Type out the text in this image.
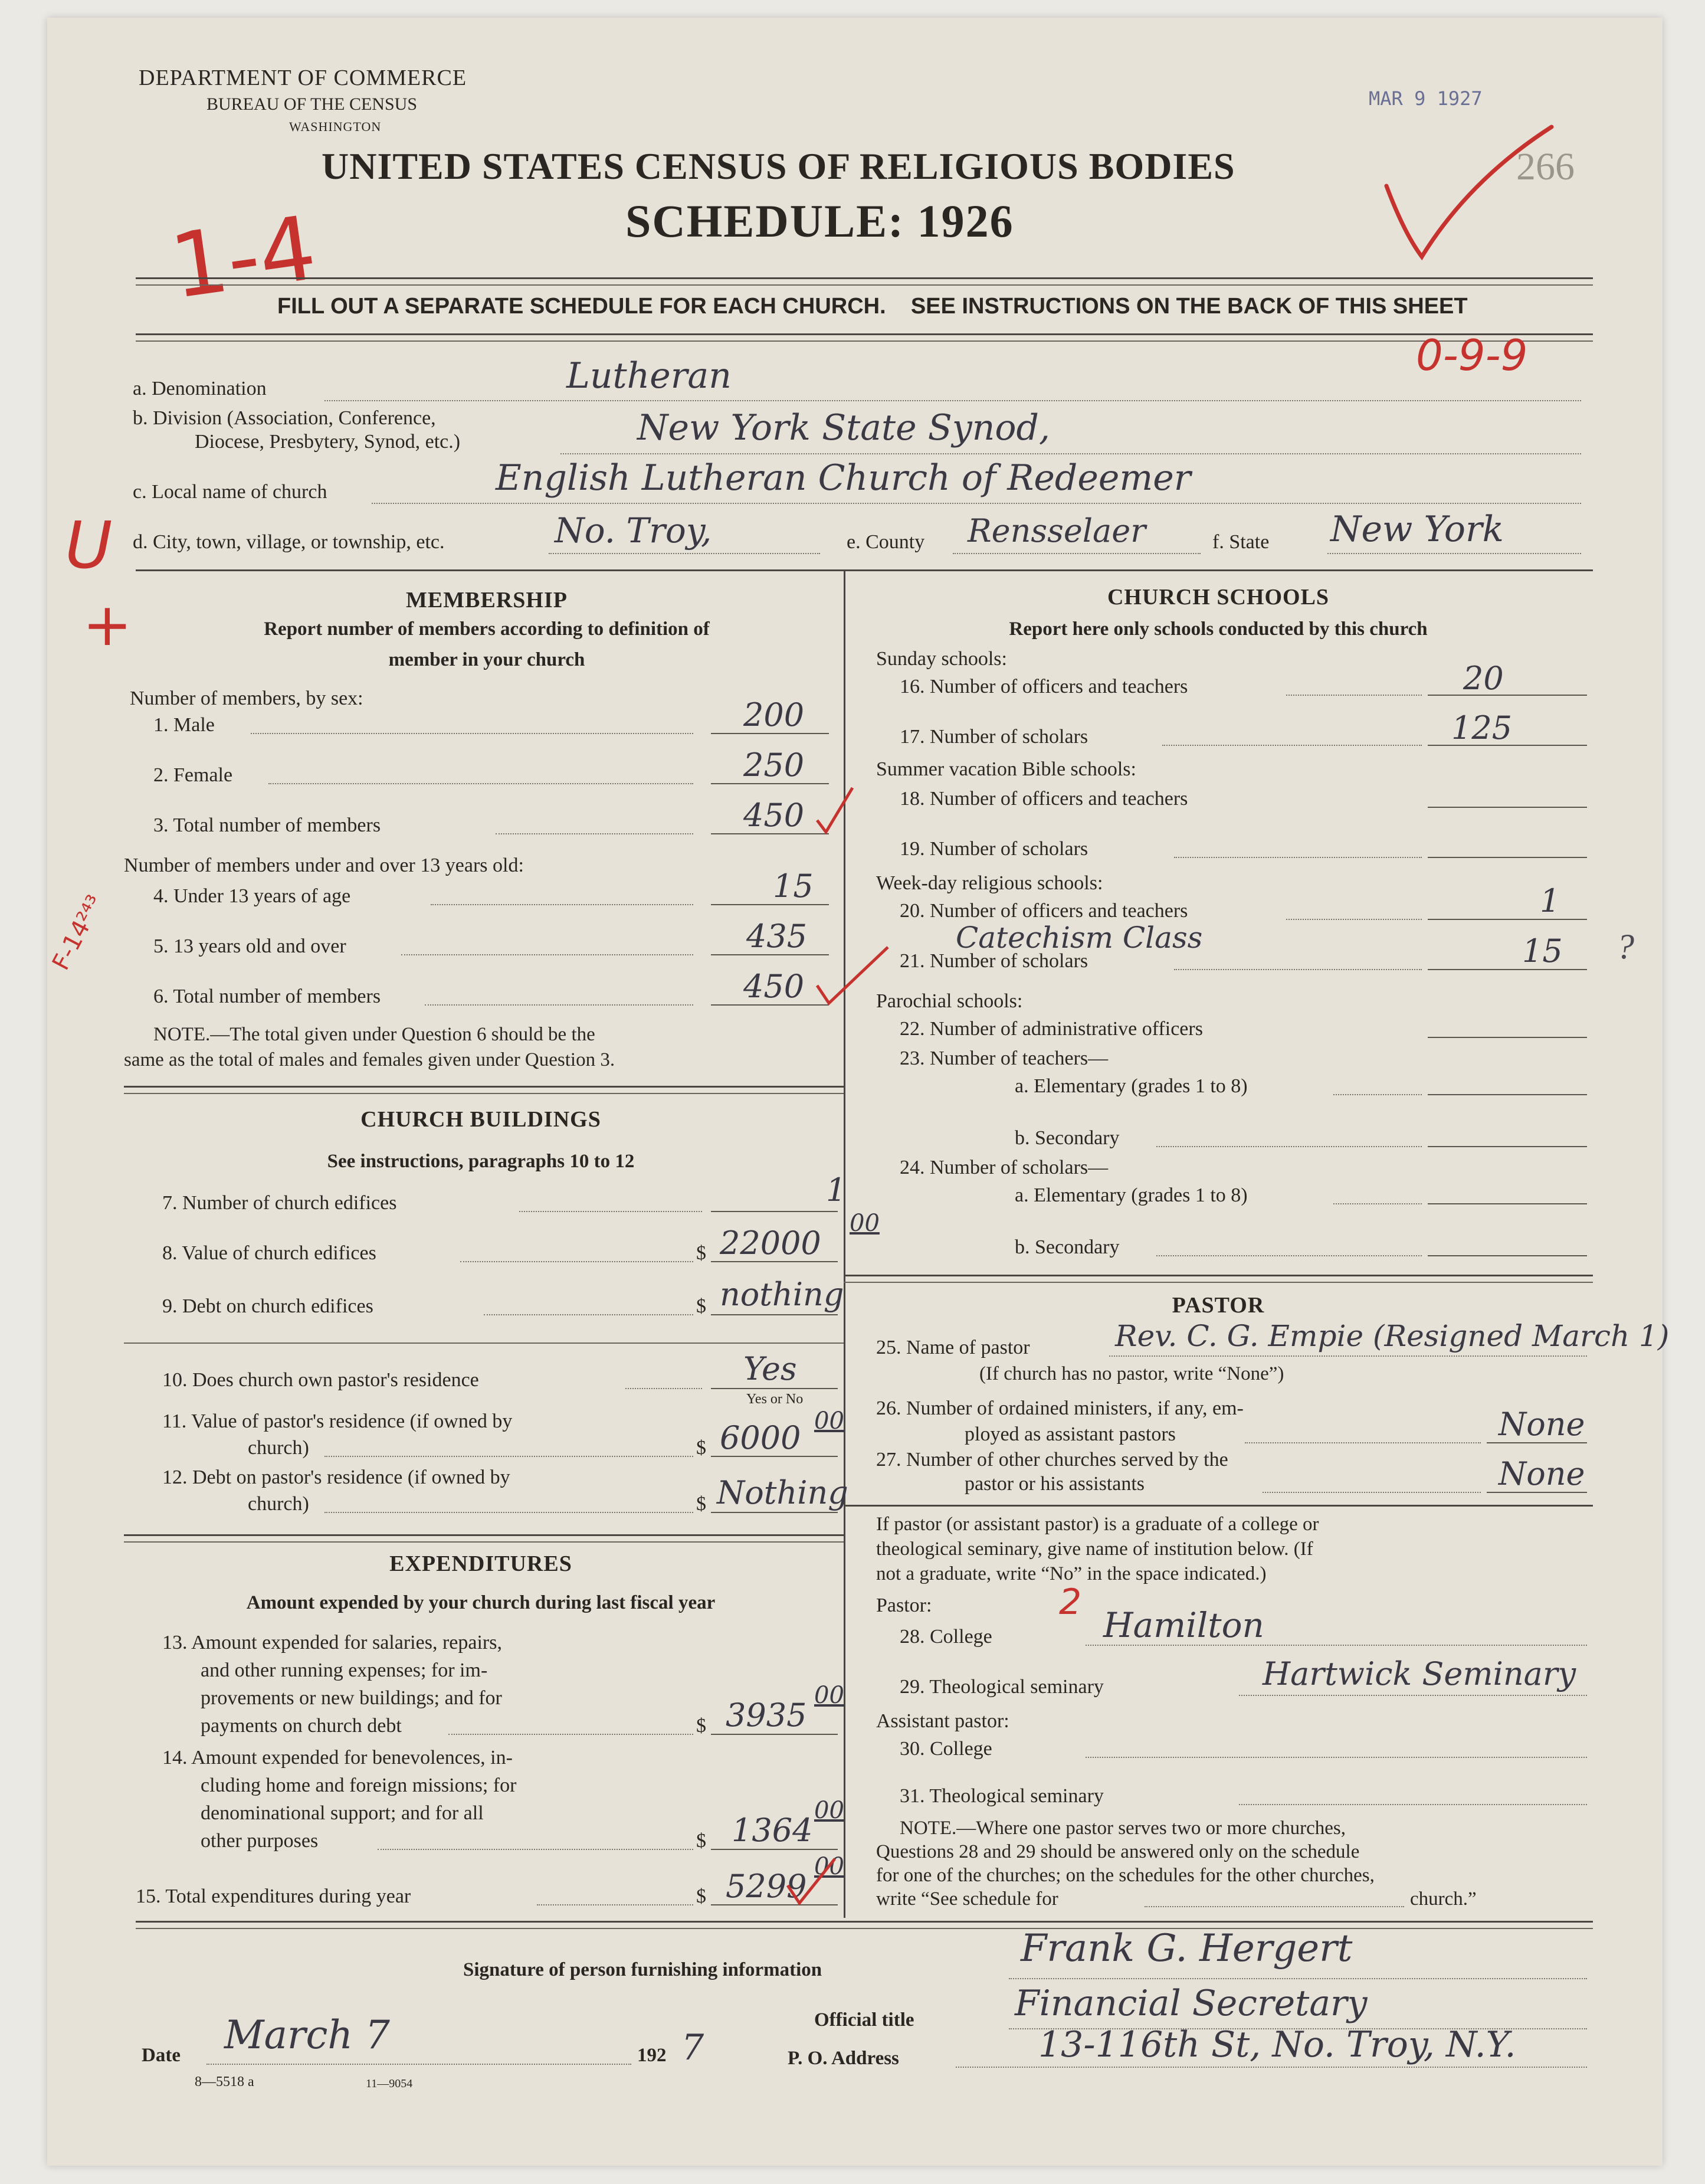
DEPARTMENT OF COMMERCE
BUREAU OF THE CENSUS
WASHINGTON
MAR 9 1927
266
UNITED STATES CENSUS OF RELIGIOUS BODIES
SCHEDULE: 1926
1-4
FILL OUT A SEPARATE SCHEDULE FOR EACH CHURCH.    SEE INSTRUCTIONS ON THE BACK OF THIS SHEET
0-9-9
a. Denomination	Lutheran
b. Division (Association, Conference,
Diocese, Presbytery, Synod, etc.)	New York State Synod,
c. Local name of church	English Lutheran Church of Redeemer
d. City, town, village, or township, etc.	No. Troy,	e. County Rensselaer	f. State New York
U
+	MEMBERSHIP
Report number of members according to definition of
member in your church
Number of members, by sex:
1. Male	200
2. Female	250
3. Total number of members	450
Number of members under and over 13 years old:
4. Under 13 years of age	15
F-14²⁴³ 5. 13 years old and over	435
6. Total number of members	450
NOTE.—The total given under Question 6 should be the
same as the total of males and females given under Question 3.
CHURCH BUILDINGS
See instructions, paragraphs 10 to 12
7. Number of church edifices	1
8. Value of church edifices	$ 22000
00
9. Debt on church edifices	$ nothing
10. Does church own pastor's residence	Yes
Yes or No
11. Value of pastor's residence (if owned by
church)	$ 6000 00
12. Debt on pastor's residence (if owned by
church)	$ Nothing
EXPENDITURES
Amount expended by your church during last fiscal year
13. Amount expended for salaries, repairs,
and other running expenses; for im-
provements or new buildings; and for
payments on church debt	$ 3935
00
14. Amount expended for benevolences, in-
cluding home and foreign missions; for
denominational support; and for all
other purposes	$ 1364
00
15. Total expenditures during year	$ 5299
00
CHURCH SCHOOLS
Report here only schools conducted by this church
Sunday schools:
16. Number of officers and teachers	20
17. Number of scholars	125
Summer vacation Bible schools:
18. Number of officers and teachers
19. Number of scholars
Week-day religious schools:
20. Number of officers and teachers	1
Catechism Class
21. Number of scholars	15 ?
Parochial schools:
22. Number of administrative officers
23. Number of teachers—
a. Elementary (grades 1 to 8)
b. Secondary
24. Number of scholars—
a. Elementary (grades 1 to 8)
b. Secondary
PASTOR
25. Name of pastor	Rev. C. G. Empie (Resigned March 1)
(If church has no pastor, write “None”)
26. Number of ordained ministers, if any, em-
ployed as assistant pastors	None
27. Number of other churches served by the
pastor or his assistants	None
If pastor (or assistant pastor) is a graduate of a college or
theological seminary, give name of institution below. (If
not a graduate, write “No” in the space indicated.)
Pastor:	2
28. College	Hamilton
29. Theological seminary	Hartwick Seminary
Assistant pastor:
30. College
31. Theological seminary
NOTE.—Where one pastor serves two or more churches,
Questions 28 and 29 should be answered only on the schedule
for one of the churches; on the schedules for the other churches,
write “See schedule for	church.”
Signature of person furnishing information	Frank G. Hergert
Official title	Financial Secretary
Date March 7	192 7	P. O. Address	13-116th St, No. Troy, N.Y.
8—5518 a	11—9054
